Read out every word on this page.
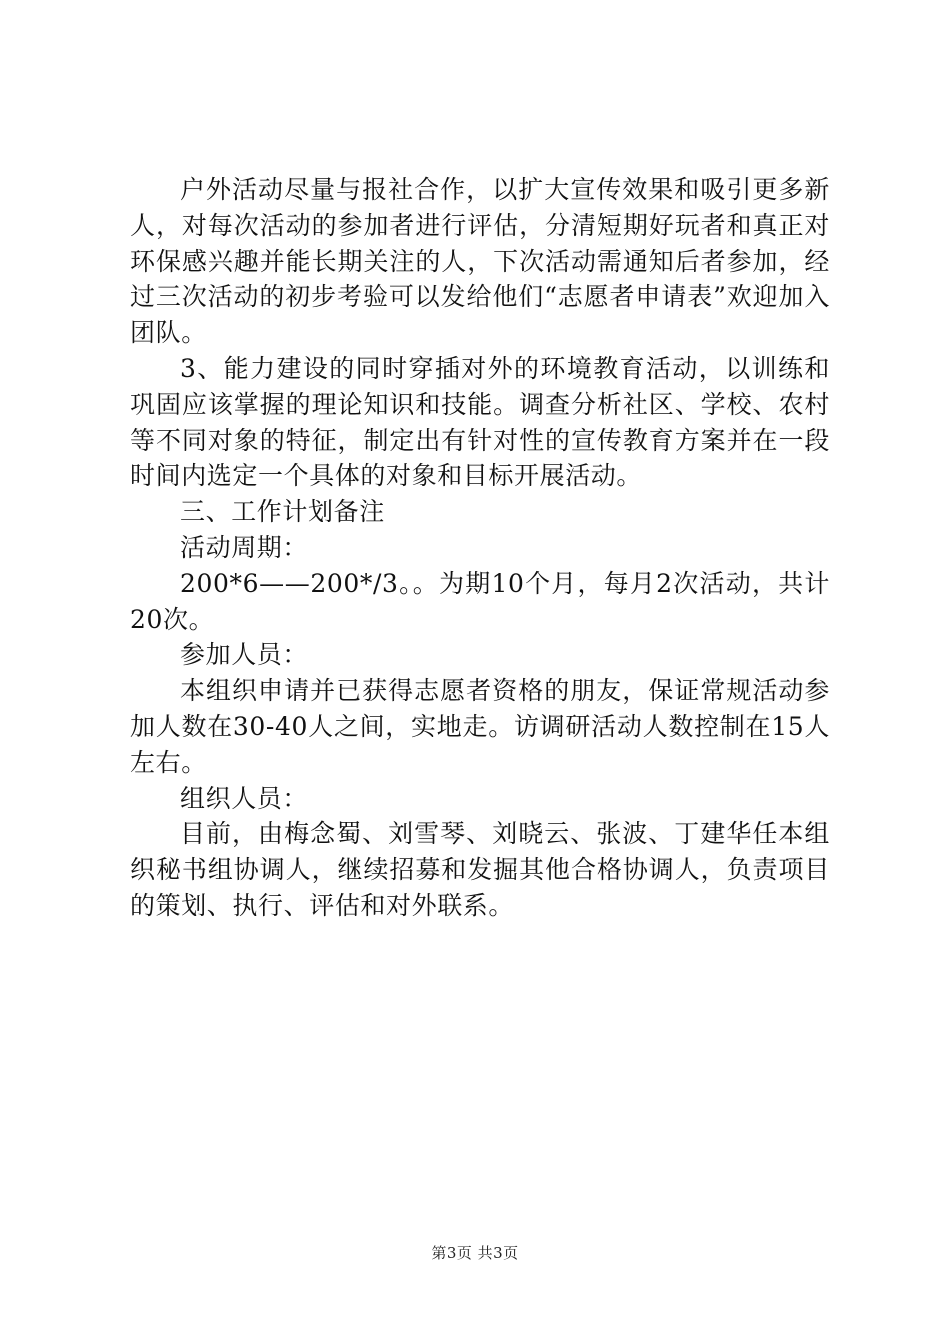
户外活动尽量与报社合作，以扩大宣传效果和吸引更多新人，对每次活动的参加者进行评估，分清短期好玩者和真正对环保感兴趣并能长期关注的人，下次活动需通知后者参加，经过三次活动的初步考验可以发给他们“志愿者申请表”欢迎加入团队。

3、能力建设的同时穿插对外的环境教育活动，以训练和巩固应该掌握的理论知识和技能。调查分析社区、学校、农村等不同对象的特征，制定出有针对性的宣传教育方案并在一段时间内选定一个具体的对象和目标开展活动。

三、工作计划备注

活动周期：

200*6——200*/3。。为期10个月，每月2次活动，共计20次。

参加人员：

本组织申请并已获得志愿者资格的朋友，保证常规活动参加人数在30-40人之间，实地走。访调研活动人数控制在15人左右。

组织人员：

目前，由梅念蜀、刘雪琴、刘晓云、张波、丁建华任本组织秘书组协调人，继续招募和发掘其他合格协调人，负责项目的策划、执行、评估和对外联系。

第3页 共3页
